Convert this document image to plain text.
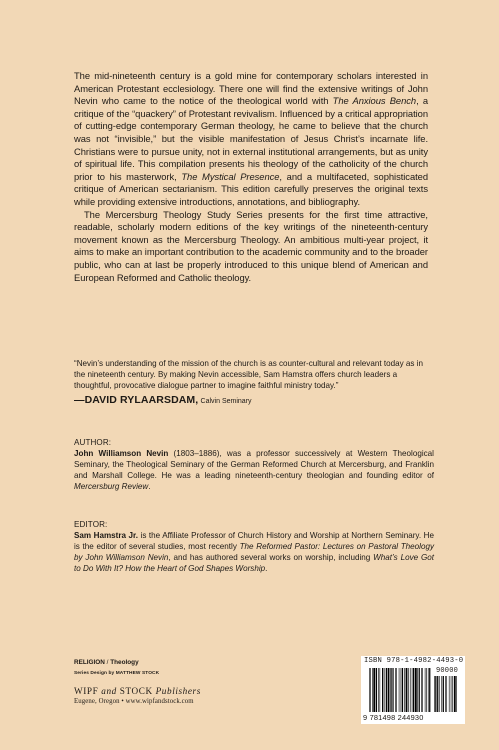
The mid-nineteenth century is a gold mine for contemporary scholars interested in American Protestant ecclesiology. There one will find the extensive writings of John Nevin who came to the notice of the theological world with The Anxious Bench, a critique of the “quackery” of Protestant revivalism. Influenced by a critical appropriation of cutting-edge contemporary German theology, he came to believe that the church was not “invisible,” but the visible manifestation of Jesus Christ’s incarnate life. Christians were to pursue unity, not in external institutional arrangements, but as unity of spiritual life. This compilation presents his theology of the catholicity of the church prior to his masterwork, The Mystical Presence, and a multifaceted, sophisticated critique of American sectarianism. This edition carefully preserves the original texts while providing extensive introductions, annotations, and bibliography.

The Mercersburg Theology Study Series presents for the first time attractive, readable, scholarly modern editions of the key writings of the nineteenth-century movement known as the Mercersburg Theology. An ambitious multi-year project, it aims to make an important contribution to the academic community and to the broader public, who can at last be properly introduced to this unique blend of American and European Reformed and Catholic theology.

“Nevin’s understanding of the mission of the church is as counter-cultural and relevant today as in the nineteenth century. By making Nevin accessible, Sam Hamstra offers church leaders a thoughtful, provocative dialogue partner to imagine faithful ministry today.”

—DAVID RYLAARSDAM, Calvin Seminary
AUTHOR:
John Williamson Nevin (1803–1886), was a professor successively at Western Theological Seminary, the Theological Seminary of the German Reformed Church at Mercersburg, and Franklin and Marshall College. He was a leading nineteenth-century theologian and founding editor of Mercersburg Review.
EDITOR:
Sam Hamstra Jr. is the Affiliate Professor of Church History and Worship at Northern Seminary. He is the editor of several studies, most recently The Reformed Pastor: Lectures on Pastoral Theology by John Williamson Nevin, and has authored several works on worship, including What’s Love Got to Do With It? How the Heart of God Shapes Worship.
RELIGION / Theology
Series Design by MATTHEW STOCK
WIPF and STOCK Publishers
Eugene, Oregon • www.wipfandstock.com
ISBN 978-1-4982-4493-0
90000
9 781498 244930
